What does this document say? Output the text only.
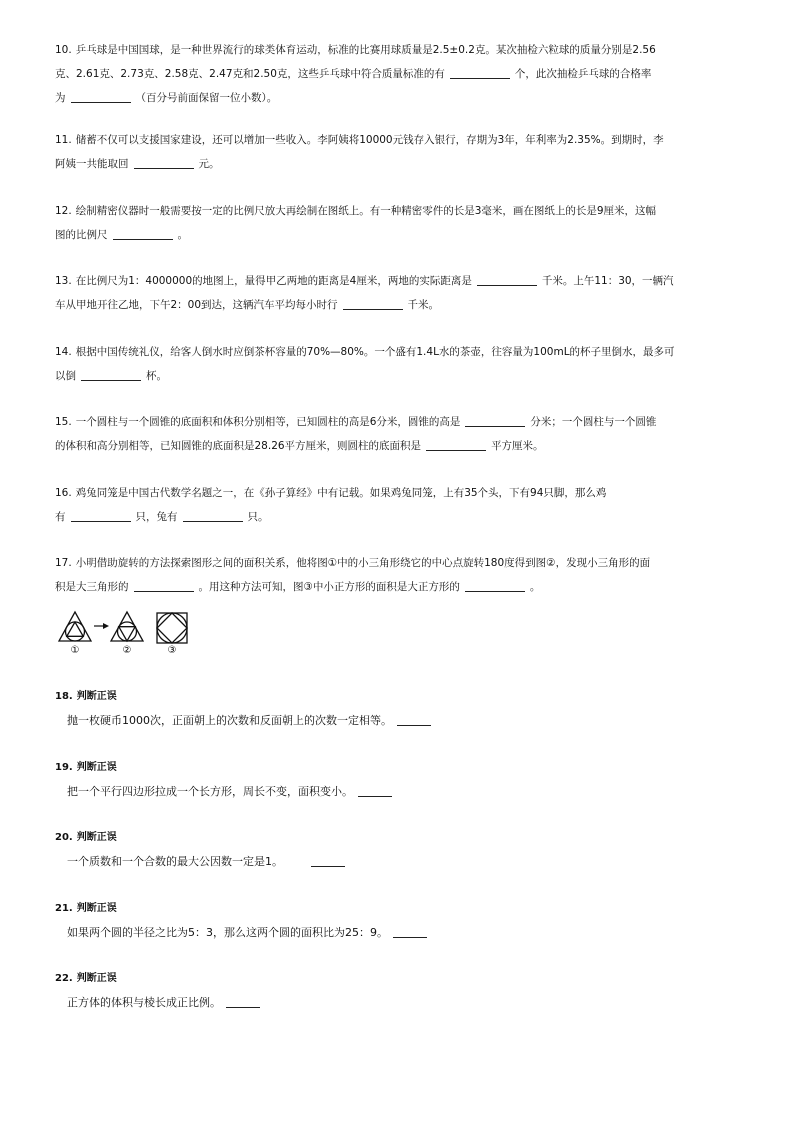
10. 乒乓球是中国国球，是一种世界流行的球类体育运动，标准的比赛用球质量是2.5±0.2克。某次抽检六粒球的质量分别是2.56

克、2.61克、2.73克、2.58克、2.47克和2.50克，这些乒乓球中符合质量标准的有	个，此次抽检乒乓球的合格率

为	（百分号前面保留一位小数）。

11. 储蓄不仅可以支援国家建设，还可以增加一些收入。李阿姨将10000元钱存入银行，存期为3年，年利率为2.35%。到期时，李

阿姨一共能取回	元。

12. 绘制精密仪器时一般需要按一定的比例尺放大再绘制在图纸上。有一种精密零件的长是3毫米，画在图纸上的长是9厘米，这幅

图的比例尺	。

13. 在比例尺为1：4000000的地图上，量得甲乙两地的距离是4厘米，两地的实际距离是	千米。上午11：30，一辆汽

车从甲地开往乙地，下午2：00到达，这辆汽车平均每小时行	千米。

14. 根据中国传统礼仪，给客人倒水时应倒茶杯容量的70%—80%。一个盛有1.4L水的茶壶，往容量为100mL的杯子里倒水，最多可

以倒	杯。

15. 一个圆柱与一个圆锥的底面积和体积分别相等，已知圆柱的高是6分米，圆锥的高是	分米；一个圆柱与一个圆锥

的体积和高分别相等，已知圆锥的底面积是28.26平方厘米，则圆柱的底面积是	平方厘米。

16. 鸡兔同笼是中国古代数学名题之一，在《孙子算经》中有记载。如果鸡兔同笼，上有35个头，下有94只脚，那么鸡

有	只，兔有	只。

17. 小明借助旋转的方法探索图形之间的面积关系，他将图①中的小三角形绕它的中心点旋转180度得到图②，发现小三角形的面

积是大三角形的	。用这种方法可知，图③中小正方形的面积是大正方形的	。

①	②	③

18. 判断正误

抛一枚硬币1000次，正面朝上的次数和反面朝上的次数一定相等。

19. 判断正误

把一个平行四边形拉成一个长方形，周长不变，面积变小。

20. 判断正误

一个质数和一个合数的最大公因数一定是1。

21. 判断正误

如果两个圆的半径之比为5：3，那么这两个圆的面积比为25：9。

22. 判断正误

正方体的体积与棱长成正比例。
